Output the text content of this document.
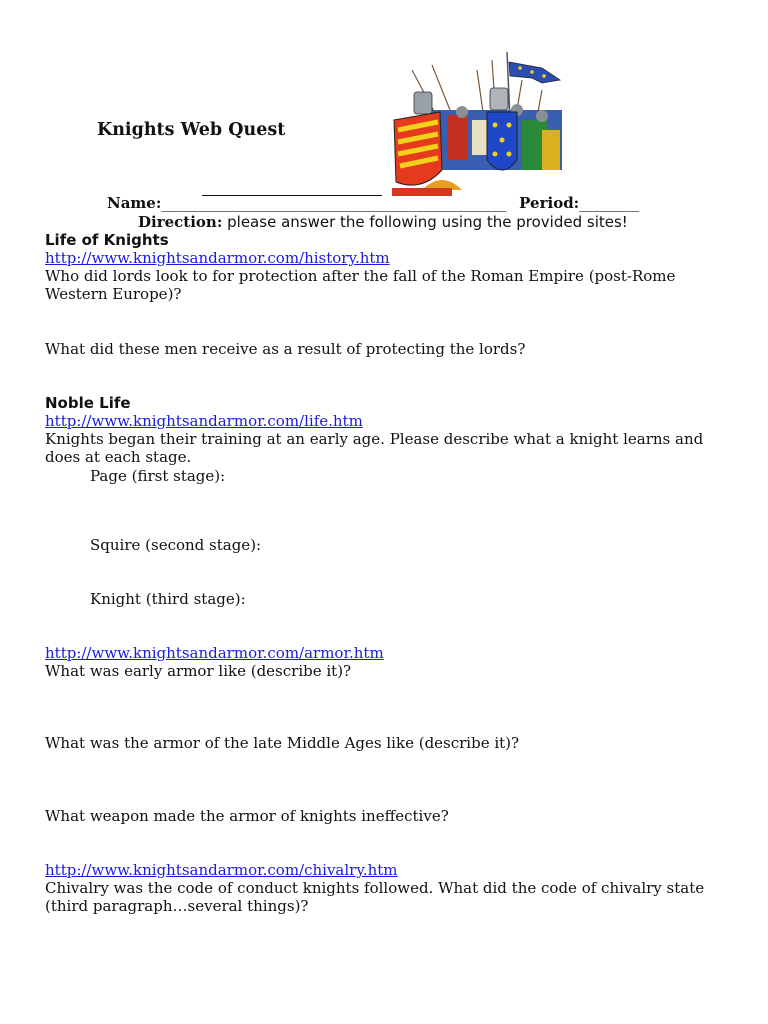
Knights Web Quest
Name:______________________________________________ Period:________
Direction: please answer the following using the provided sites!
Life of Knights
http://www.knightsandarmor.com/history.htm
Who did lords look to for protection after the fall of the Roman Empire (post-Rome
Western Europe)?
What did these men receive as a result of protecting the lords?
Noble Life
http://www.knightsandarmor.com/life.htm
Knights began their training at an early age. Please describe what a knight learns and
does at each stage.
Page (first stage):
Squire (second stage):
Knight (third stage):
http://www.knightsandarmor.com/armor.htm
What was early armor like (describe it)?
What was the armor of the late Middle Ages like (describe it)?
What weapon made the armor of knights ineffective?
http://www.knightsandarmor.com/chivalry.htm
Chivalry was the code of conduct knights followed. What did the code of chivalry state
(third paragraph…several things)?
